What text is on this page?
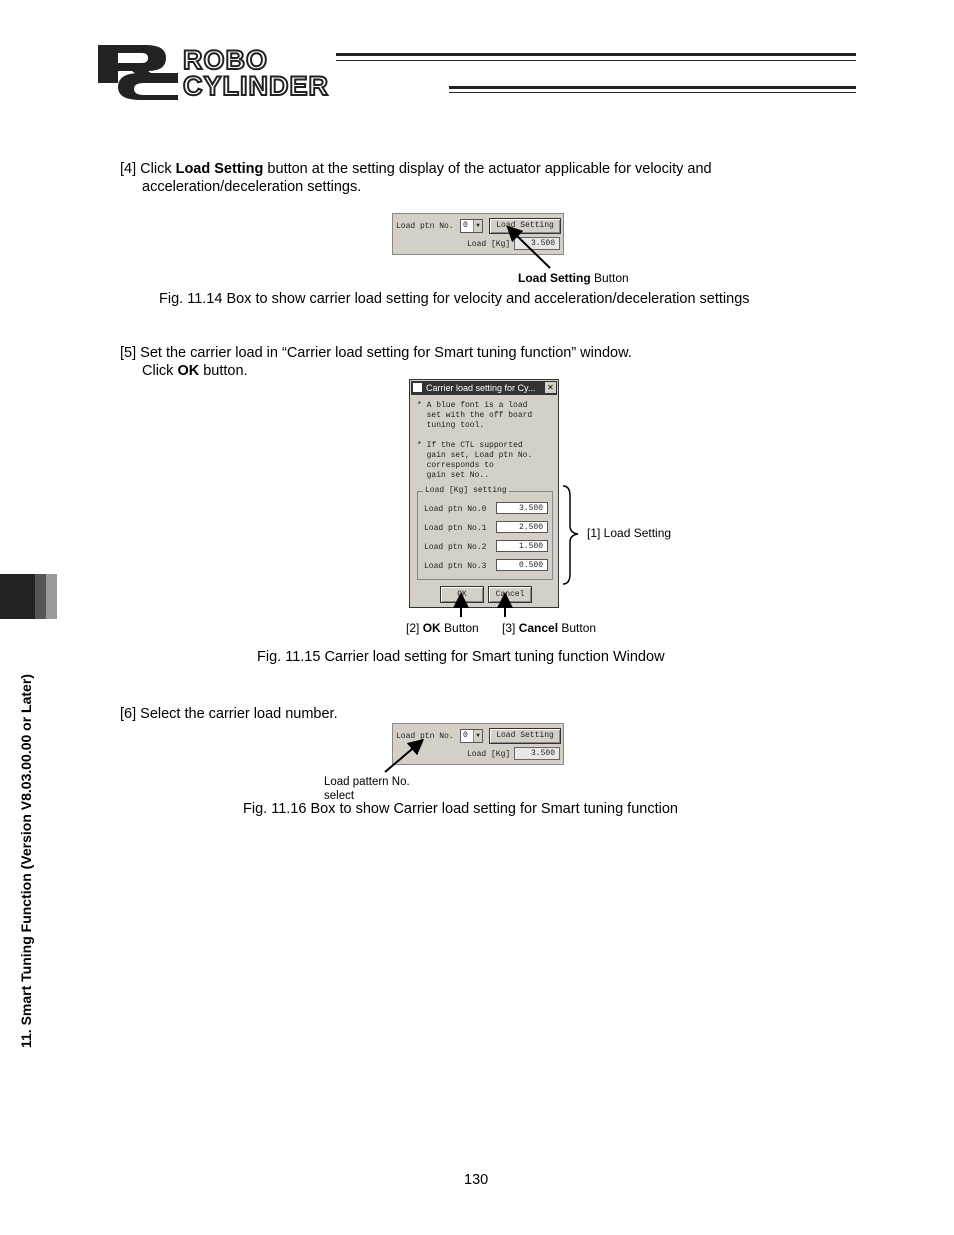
ROBO
CYLINDER
[4] Click Load Setting button at the setting display of the actuator applicable for velocity and
acceleration/deceleration settings.
Load ptn No. 0	▼	Load Setting
Load [Kg]	3.500
Load Setting Button
Fig. 11.14 Box to show carrier load setting for velocity and acceleration/deceleration settings
[5] Set the carrier load in “Carrier load setting for Smart tuning function” window.
Click OK button.
Carrier load setting for Cy... ✕
* A blue font is a load
set with the off board
tuning tool.
* If the CTL supported
gain set, Load ptn No.
corresponds to
gain set No..
Load [Kg] setting
Load ptn No.0	3.500
Load ptn No.1	2.500
Load ptn No.2	1.500
Load ptn No.3	0.500
OK	Cancel
[1] Load Setting
[2] OK Button [3] Cancel Button
Fig. 11.15 Carrier load setting for Smart tuning function Window
[6] Select the carrier load number.
Load ptn No. 0	▼	Load Setting
Load [Kg]	3.500
Load pattern No.
select
Fig. 11.16 Box to show Carrier load setting for Smart tuning function
11. Smart Tuning Function (Version V8.03.00.00 or Later)
130
